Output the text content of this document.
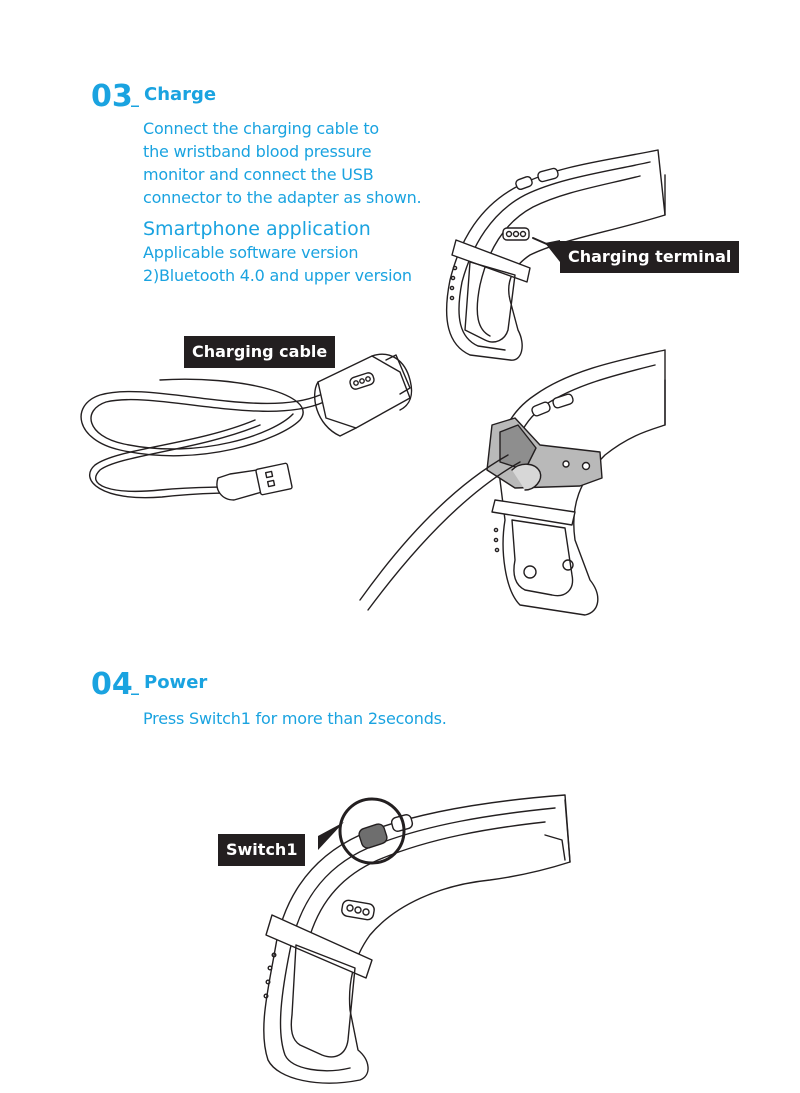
03
_ Charge
Connect the charging cable to
the wristband blood pressure
monitor and connect the USB
connector to the adapter as shown.
Smartphone application
Applicable software version
2)Bluetooth 4.0 and upper version
Charging terminal
Charging cable
04
_ Power
Press Switch1 for more than 2seconds.
Switch1
